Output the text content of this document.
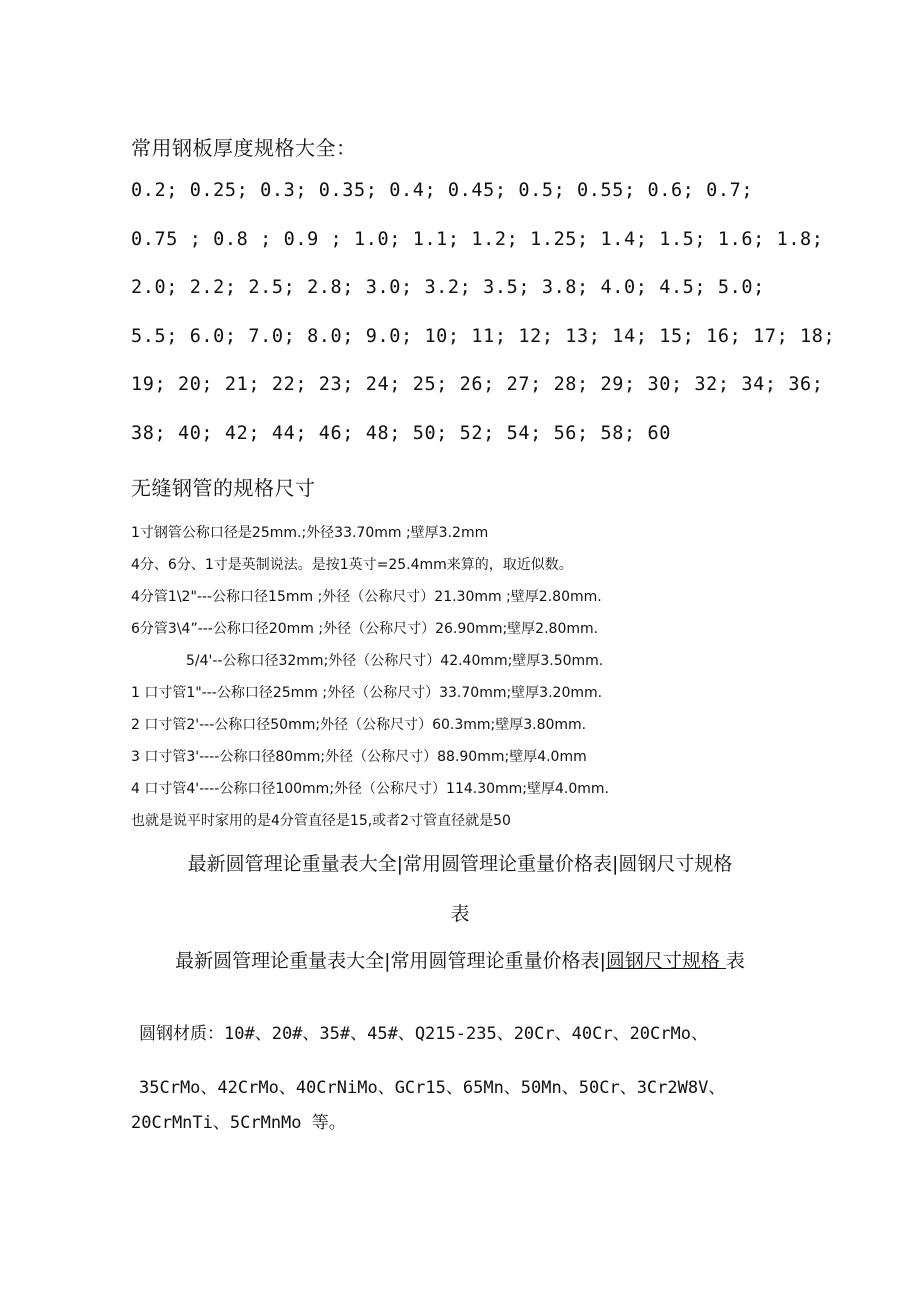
常用钢板厚度规格大全：
0.2; 0.25; 0.3; 0.35; 0.4; 0.45; 0.5; 0.55; 0.6; 0.7;
0.75 ; 0.8 ; 0.9 ; 1.0; 1.1; 1.2; 1.25; 1.4; 1.5; 1.6; 1.8;
2.0; 2.2; 2.5; 2.8; 3.0; 3.2; 3.5; 3.8; 4.0; 4.5; 5.0;
5.5; 6.0; 7.0; 8.0; 9.0; 10; 11; 12; 13; 14; 15; 16; 17; 18;
19; 20; 21; 22; 23; 24; 25; 26; 27; 28; 29; 30; 32; 34; 36;
38; 40; 42; 44; 46; 48; 50; 52; 54; 56; 58; 60
无缝钢管的规格尺寸
1寸钢管公称口径是25mm.;外径33.70mm ;壁厚3.2mm
4分、6分、1寸是英制说法。是按1英寸=25.4mm来算的，取近似数。
4分管1\2"---公称口径15mm ;外径（公称尺寸）21.30mm ;壁厚2.80mm.
6分管3\4”---公称口径20mm ;外径（公称尺寸）26.90mm;壁厚2.80mm.
5/4'--公称口径32mm;外径（公称尺寸）42.40mm;壁厚3.50mm.
1 口寸管1"---公称口径25mm ;外径（公称尺寸）33.70mm;壁厚3.20mm.
2 口寸管2'---公称口径50mm;外径（公称尺寸）60.3mm;壁厚3.80mm.
3 口寸管3'----公称口径80mm;外径（公称尺寸）88.90mm;壁厚4.0mm
4 口寸管4'----公称口径100mm;外径（公称尺寸）114.30mm;壁厚4.0mm.
也就是说平时家用的是4分管直径是15,或者2寸管直径就是50
最新圆管理论重量表大全|常用圆管理论重量价格表|圆钢尺寸规格
表
最新圆管理论重量表大全|常用圆管理论重量价格表|圆钢尺寸规格 表
圆钢材质：10#、20#、35#、45#、Q215-235、20Cr、40Cr、20CrMo、
35CrMo、42CrMo、40CrNiMo、GCr15、65Mn、50Mn、50Cr、3Cr2W8V、
20CrMnTi、5CrMnMo 等。
